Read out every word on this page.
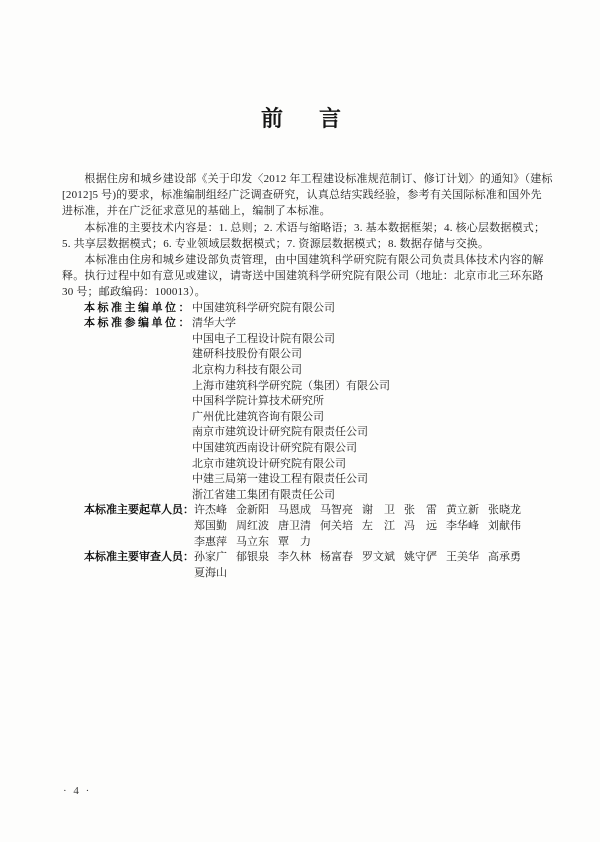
前 言
　　根据住房和城乡建设部《关于印发〈2012 年工程建设标准规范制订、修订计划〉的通知》（建标
[2012]5 号)的要求，标准编制组经广泛调查研究，认真总结实践经验，参考有关国际标准和国外先
进标准，并在广泛征求意见的基础上，编制了本标准。
　　本标准的主要技术内容是：1. 总则；2. 术语与缩略语；3. 基本数据框架；4. 核心层数据模式；
5. 共享层数据模式；6. 专业领域层数据模式；7. 资源层数据模式；8. 数据存储与交换。
　　本标准由住房和城乡建设部负责管理，由中国建筑科学研究院有限公司负责具体技术内容的解
释。执行过程中如有意见或建议，请寄送中国建筑科学研究院有限公司（地址：北京市北三环东路
30 号；邮政编码：100013）。
本标准主编单位： 中国建筑科学研究院有限公司
本标准参编单位： 清华大学
中国电子工程设计院有限公司
建研科技股份有限公司
北京构力科技有限公司
上海市建筑科学研究院（集团）有限公司
中国科学院计算技术研究所
广州优比建筑咨询有限公司
南京市建筑设计研究院有限责任公司
中国建筑西南设计研究院有限公司
北京市建筑设计研究院有限公司
中建三局第一建设工程有限责任公司
浙江省建工集团有限责任公司
本标准主要起草人员： 许杰峰 金新阳 马恩成 马智亮 谢　卫 张　雷 黄立新 张晓龙
郑国勤 周红波 唐卫清 何关培 左　江 冯　远 李华峰 刘献伟
李惠萍 马立东 覃　力
本标准主要审查人员： 孙家广 郁银泉 李久林 杨富春 罗文斌 姚守俨 王美华 高承勇
夏海山
· 4 ·
